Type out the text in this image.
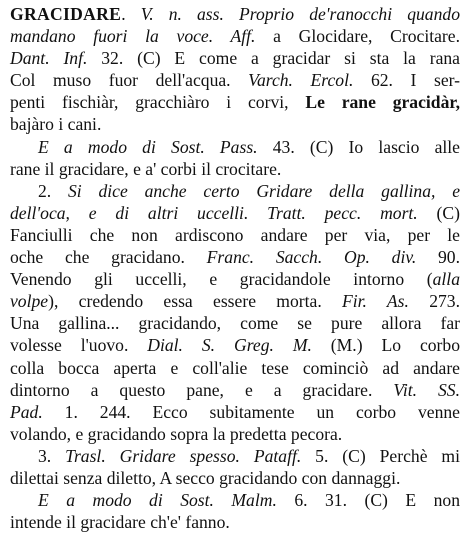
GRACIDARE. V. n. ass. Proprio de'ranocchi quando
mandano fuori la voce. Aff. a Glocidare, Crocitare.
Dant. Inf. 32. (C) E come a gracidar si sta la rana
Col muso fuor dell'acqua. Varch. Ercol. 62. I ser-
penti fischiàr, gracchiàro i corvi, Le rane gracidàr,
bajàro i cani.
E a modo di Sost. Pass. 43. (C) Io lascio alle
rane il gracidare, e a' corbi il crocitare.
2. Si dice anche certo Gridare della gallina, e
dell'oca, e di altri uccelli. Tratt. pecc. mort. (C)
Fanciulli che non ardiscono andare per via, per le
oche che gracidano. Franc. Sacch. Op. div. 90.
Venendo gli uccelli, e gracidandole intorno (alla
volpe), credendo essa essere morta. Fir. As. 273.
Una gallina... gracidando, come se pure allora far
volesse l'uovo. Dial. S. Greg. M. (M.) Lo corbo
colla bocca aperta e coll'alie tese cominciò ad andare
dintorno a questo pane, e a gracidare. Vit. SS.
Pad. 1. 244. Ecco subitamente un corbo venne
volando, e gracidando sopra la predetta pecora.
3. Trasl. Gridare spesso. Pataff. 5. (C) Perchè mi
dilettai senza diletto, A secco gracidando con dannaggi.
E a modo di Sost. Malm. 6. 31. (C) E non
intende il gracidare ch'e' fanno.
